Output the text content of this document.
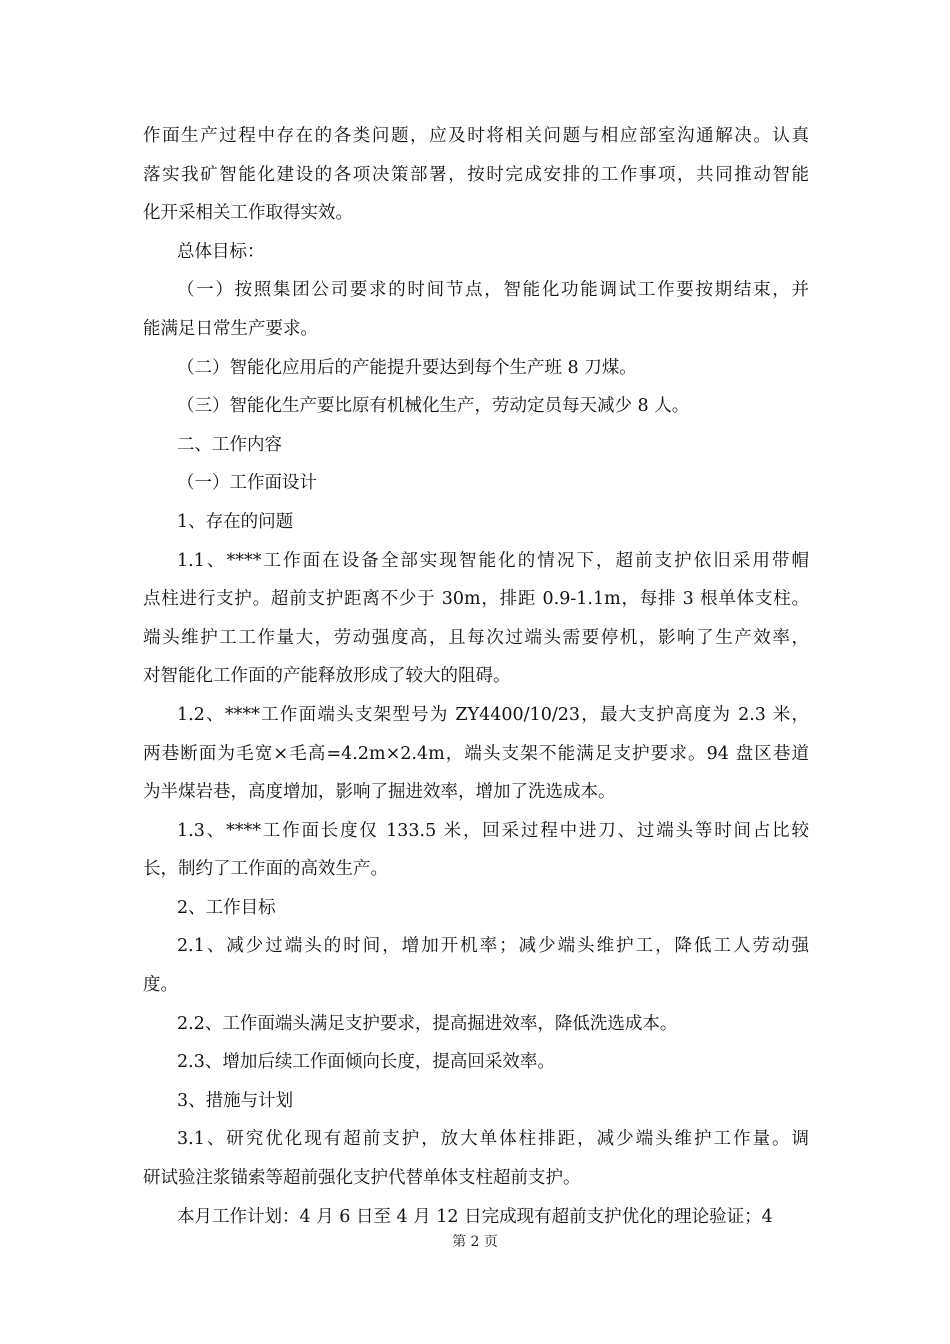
作面生产过程中存在的各类问题，应及时将相关问题与相应部室沟通解决。认真
落实我矿智能化建设的各项决策部署，按时完成安排的工作事项，共同推动智能
化开采相关工作取得实效。
总体目标：
（一）按照集团公司要求的时间节点，智能化功能调试工作要按期结束，并
能满足日常生产要求。
（二）智能化应用后的产能提升要达到每个生产班 8 刀煤。
（三）智能化生产要比原有机械化生产，劳动定员每天减少 8 人。
二、工作内容
（一）工作面设计
1、存在的问题
1.1、****工作面在设备全部实现智能化的情况下，超前支护依旧采用带帽
点柱进行支护。超前支护距离不少于 30m，排距 0.9-1.1m，每排 3 根单体支柱。
端头维护工工作量大，劳动强度高，且每次过端头需要停机，影响了生产效率，
对智能化工作面的产能释放形成了较大的阻碍。
1.2、****工作面端头支架型号为 ZY4400/10/23，最大支护高度为 2.3 米，
两巷断面为毛宽×毛高=4.2m×2.4m，端头支架不能满足支护要求。94 盘区巷道
为半煤岩巷，高度增加，影响了掘进效率，增加了洗选成本。
1.3、****工作面长度仅 133.5 米，回采过程中进刀、过端头等时间占比较
长，制约了工作面的高效生产。
2、工作目标
2.1、减少过端头的时间，增加开机率；减少端头维护工，降低工人劳动强
度。
2.2、工作面端头满足支护要求，提高掘进效率，降低洗选成本。
2.3、增加后续工作面倾向长度，提高回采效率。
3、措施与计划
3.1、研究优化现有超前支护，放大单体柱排距，减少端头维护工作量。调
研试验注浆锚索等超前强化支护代替单体支柱超前支护。
本月工作计划：4 月 6 日至 4 月 12 日完成现有超前支护优化的理论验证；4
第 2 页
